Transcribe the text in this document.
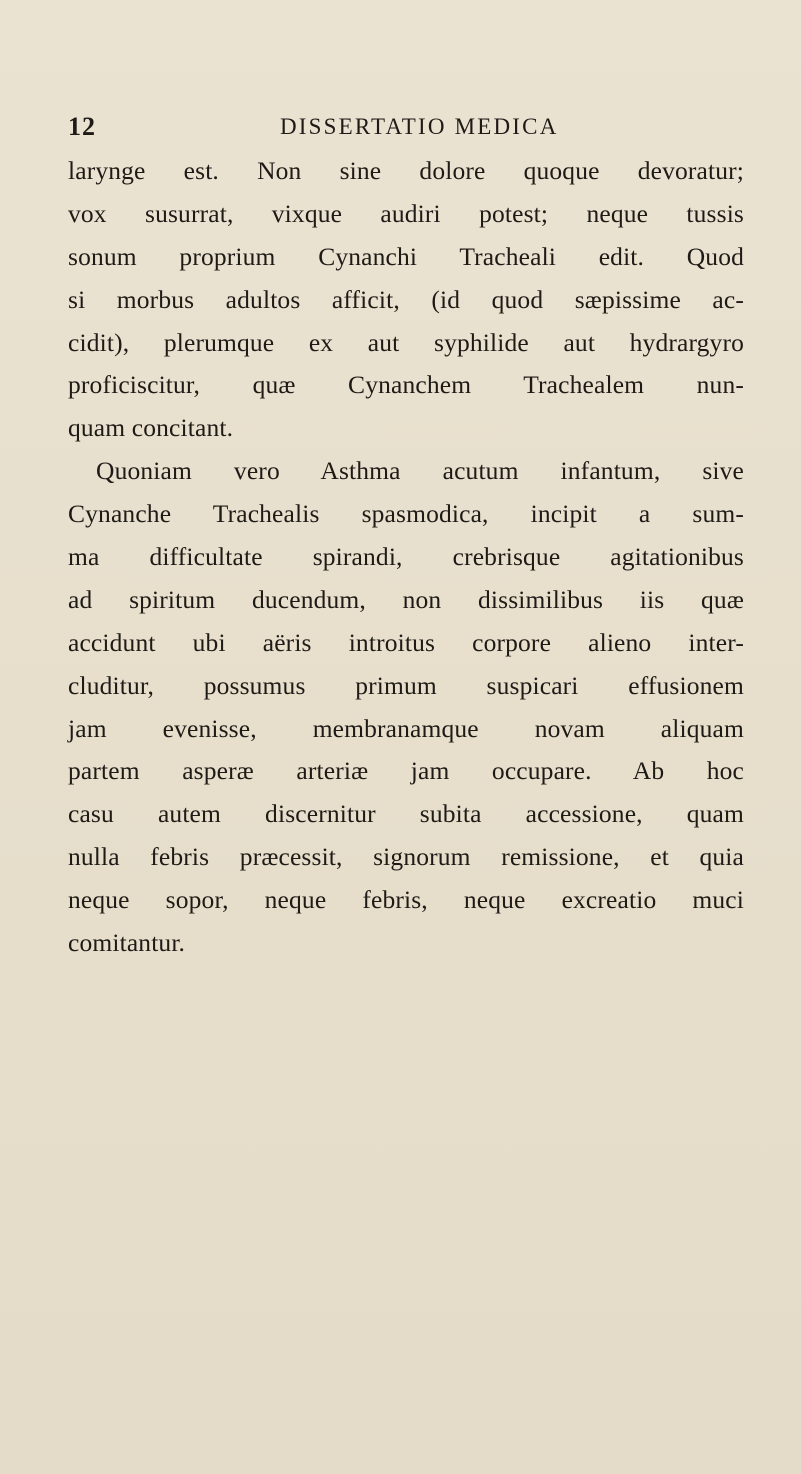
12	DISSERTATIO MEDICA
larynge est. Non sine dolore quoque devoratur;
vox susurrat, vixque audiri potest; neque tussis
sonum proprium Cynanchi Tracheali edit. Quod
si morbus adultos afficit, (id quod sæpissime ac-
cidit), plerumque ex aut syphilide aut hydrargyro
proficiscitur, quæ Cynanchem Trachealem nun-
quam concitant.
Quoniam vero Asthma acutum infantum, sive
Cynanche Trachealis spasmodica, incipit a sum-
ma difficultate spirandi, crebrisque agitationibus
ad spiritum ducendum, non dissimilibus iis quæ
accidunt ubi aëris introitus corpore alieno inter-
cluditur, possumus primum suspicari effusionem
jam evenisse, membranamque novam aliquam
partem asperæ arteriæ jam occupare. Ab hoc
casu autem discernitur subita accessione, quam
nulla febris præcessit, signorum remissione, et quia
neque sopor, neque febris, neque excreatio muci
comitantur.
